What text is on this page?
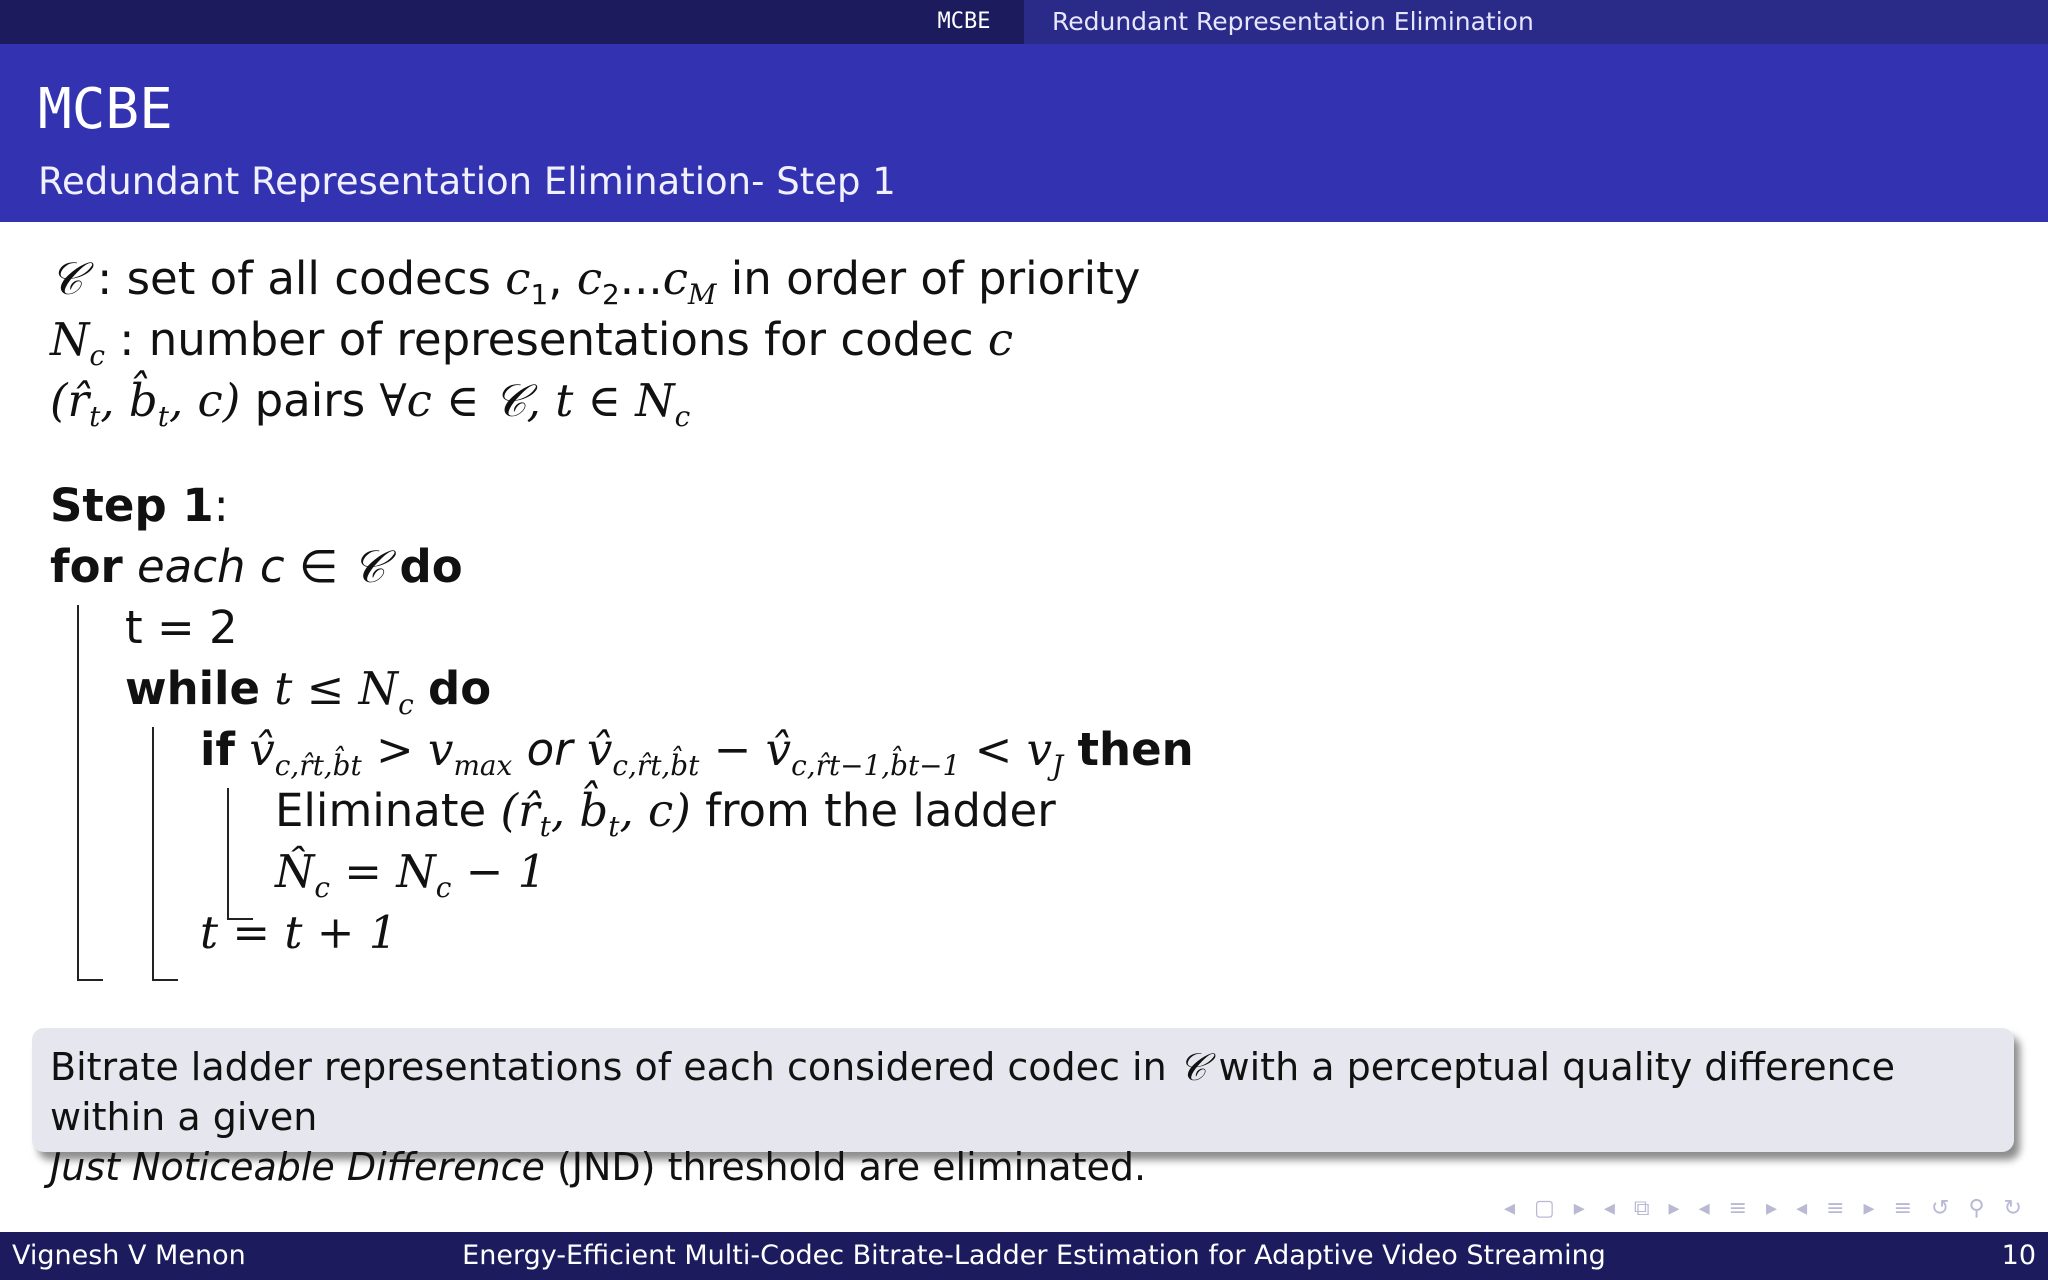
MCBE	Redundant Representation Elimination
MCBE
Redundant Representation Elimination- Step 1
𝒞 : set of all codecs $c_1$, $c_2...c_M$ in order of priority
$N_c$ : number of representations for codec c
($r̂_t$, $b̂_t$, c) pairs ∀c ∈ 𝒞, t ∈ $N_c$
Step 1:
for each c ∈ 𝒞 do
t = 2
while $t \le N_c$ do
if $v̂_{c,r̂t,b̂t} > v_{max}$ or $v̂_{c,r̂t,b̂t}$ − $v̂_{c,r̂t-1,b̂t-1} < v_J$ then
Eliminate ($r̂_t$, $b̂_t$, c) from the ladder
$N̂_c = N_c - 1$
t = t + 1
Bitrate ladder representations of each considered codec in 𝒞 with a perceptual quality difference within a given
Just Noticeable Difference (JND) threshold are eliminated.
◂ ▢ ▸ ◂ ⧉ ▸ ◂ ≡ ▸ ◂ ≡ ▸ ≡ ↺ ⚲ ↻
Vignesh V Menon	Energy-Efficient Multi-Codec Bitrate-Ladder Estimation for Adaptive Video Streaming	10
